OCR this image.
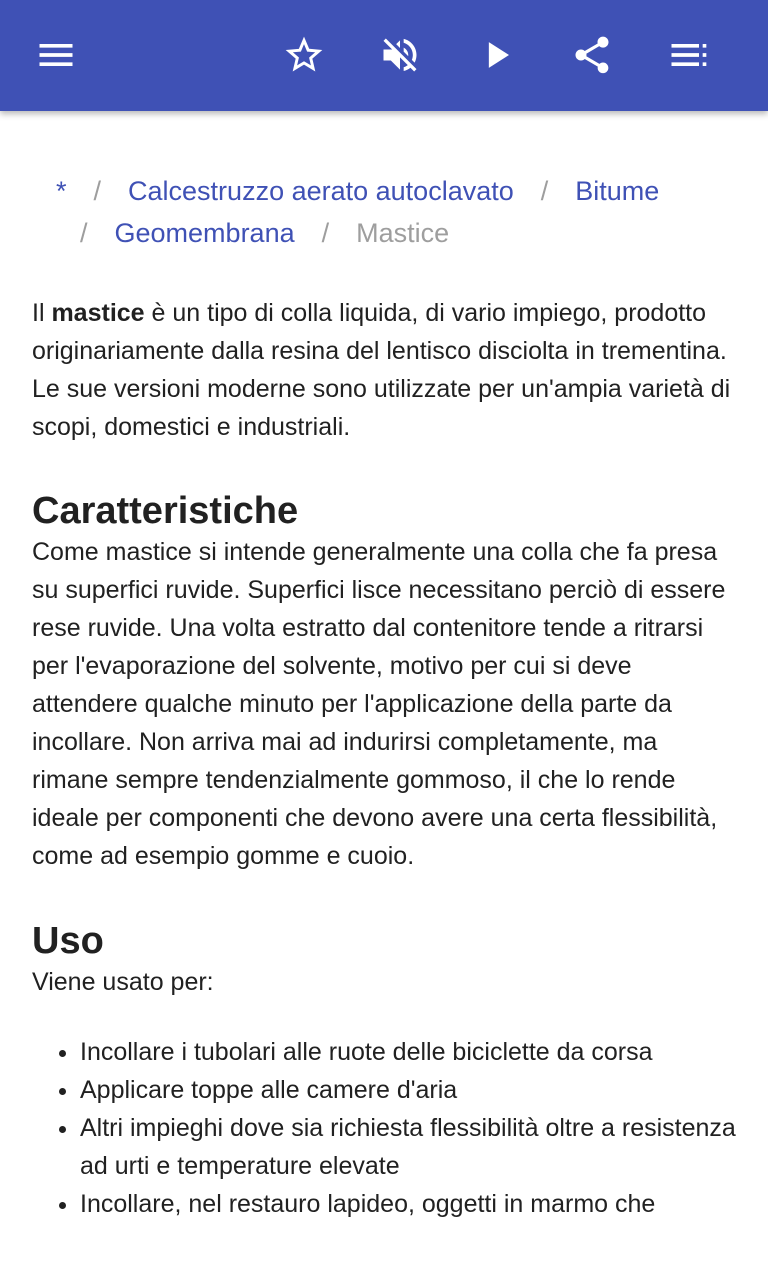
* / Calcestruzzo aerato autoclavato / Bitume
/ Geomembrana / Mastice

Il mastice è un tipo di colla liquida, di vario impiego, prodotto originariamente dalla resina del lentisco disciolta in trementina. Le sue versioni moderne sono utilizzate per un'ampia varietà di scopi, domestici e industriali.

Caratteristiche

Come mastice si intende generalmente una colla che fa presa su superfici ruvide. Superfici lisce necessitano perciò di essere rese ruvide. Una volta estratto dal contenitore tende a ritrarsi per l'evaporazione del solvente, motivo per cui si deve attendere qualche minuto per l'applicazione della parte da incollare. Non arriva mai ad indurirsi completamente, ma rimane sempre tendenzialmente gommoso, il che lo rende ideale per componenti che devono avere una certa flessibilità, come ad esempio gomme e cuoio.

Uso

Viene usato per:

• Incollare i tubolari alle ruote delle biciclette da corsa
• Applicare toppe alle camere d'aria
• Altri impieghi dove sia richiesta flessibilità oltre a resistenza ad urti e temperature elevate
• Incollare, nel restauro lapideo, oggetti in marmo che
